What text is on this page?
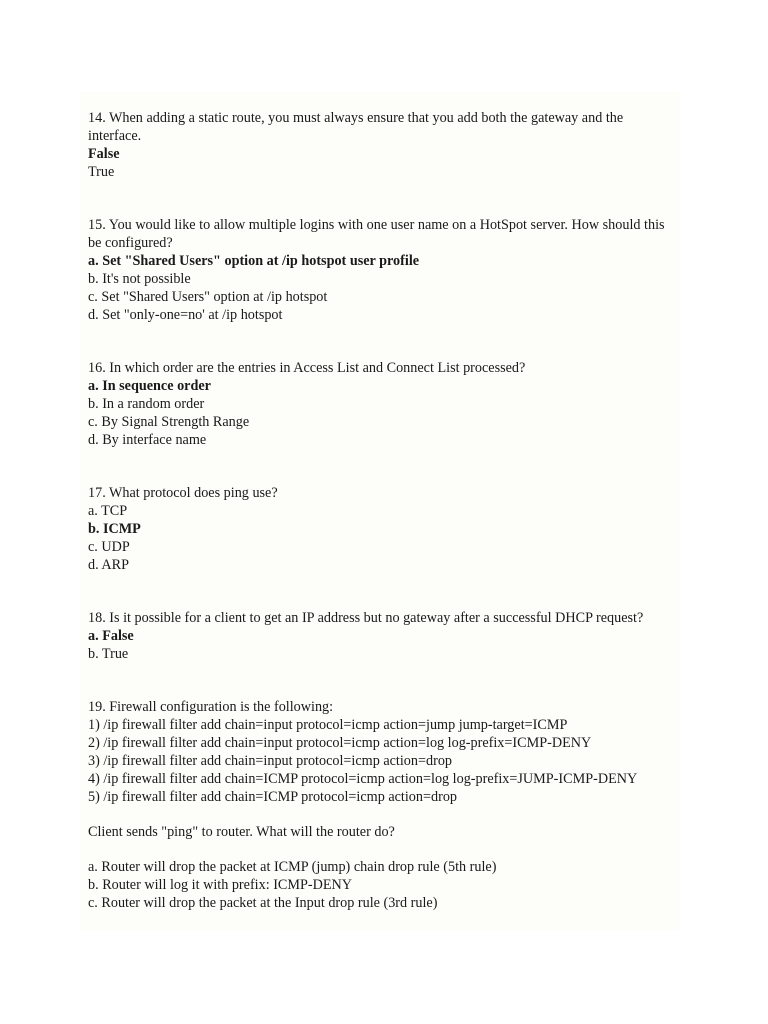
14. When adding a static route, you must always ensure that you add both the gateway and the interface.

False

True

15. You would like to allow multiple logins with one user name on a HotSpot server. How should this be configured?

a. Set "Shared Users" option at /ip hotspot user profile

b. It's not possible

c. Set "Shared Users" option at /ip hotspot

d. Set "only-one=no' at /ip hotspot

16. In which order are the entries in Access List and Connect List processed?

a. In sequence order

b. In a random order

c. By Signal Strength Range

d. By interface name

17. What protocol does ping use?

a. TCP

b. ICMP

c. UDP

d. ARP

18. Is it possible for a client to get an IP address but no gateway after a successful DHCP request?

a. False

b. True

19. Firewall configuration is the following:

1) /ip firewall filter add chain=input protocol=icmp action=jump jump-target=ICMP

2) /ip firewall filter add chain=input protocol=icmp action=log log-prefix=ICMP-DENY

3) /ip firewall filter add chain=input protocol=icmp action=drop

4) /ip firewall filter add chain=ICMP protocol=icmp action=log log-prefix=JUMP-ICMP-DENY

5) /ip firewall filter add chain=ICMP protocol=icmp action=drop

Client sends "ping" to router. What will the router do?

a. Router will drop the packet at ICMP (jump) chain drop rule (5th rule)

b. Router will log it with prefix: ICMP-DENY

c. Router will drop the packet at the Input drop rule (3rd rule)
